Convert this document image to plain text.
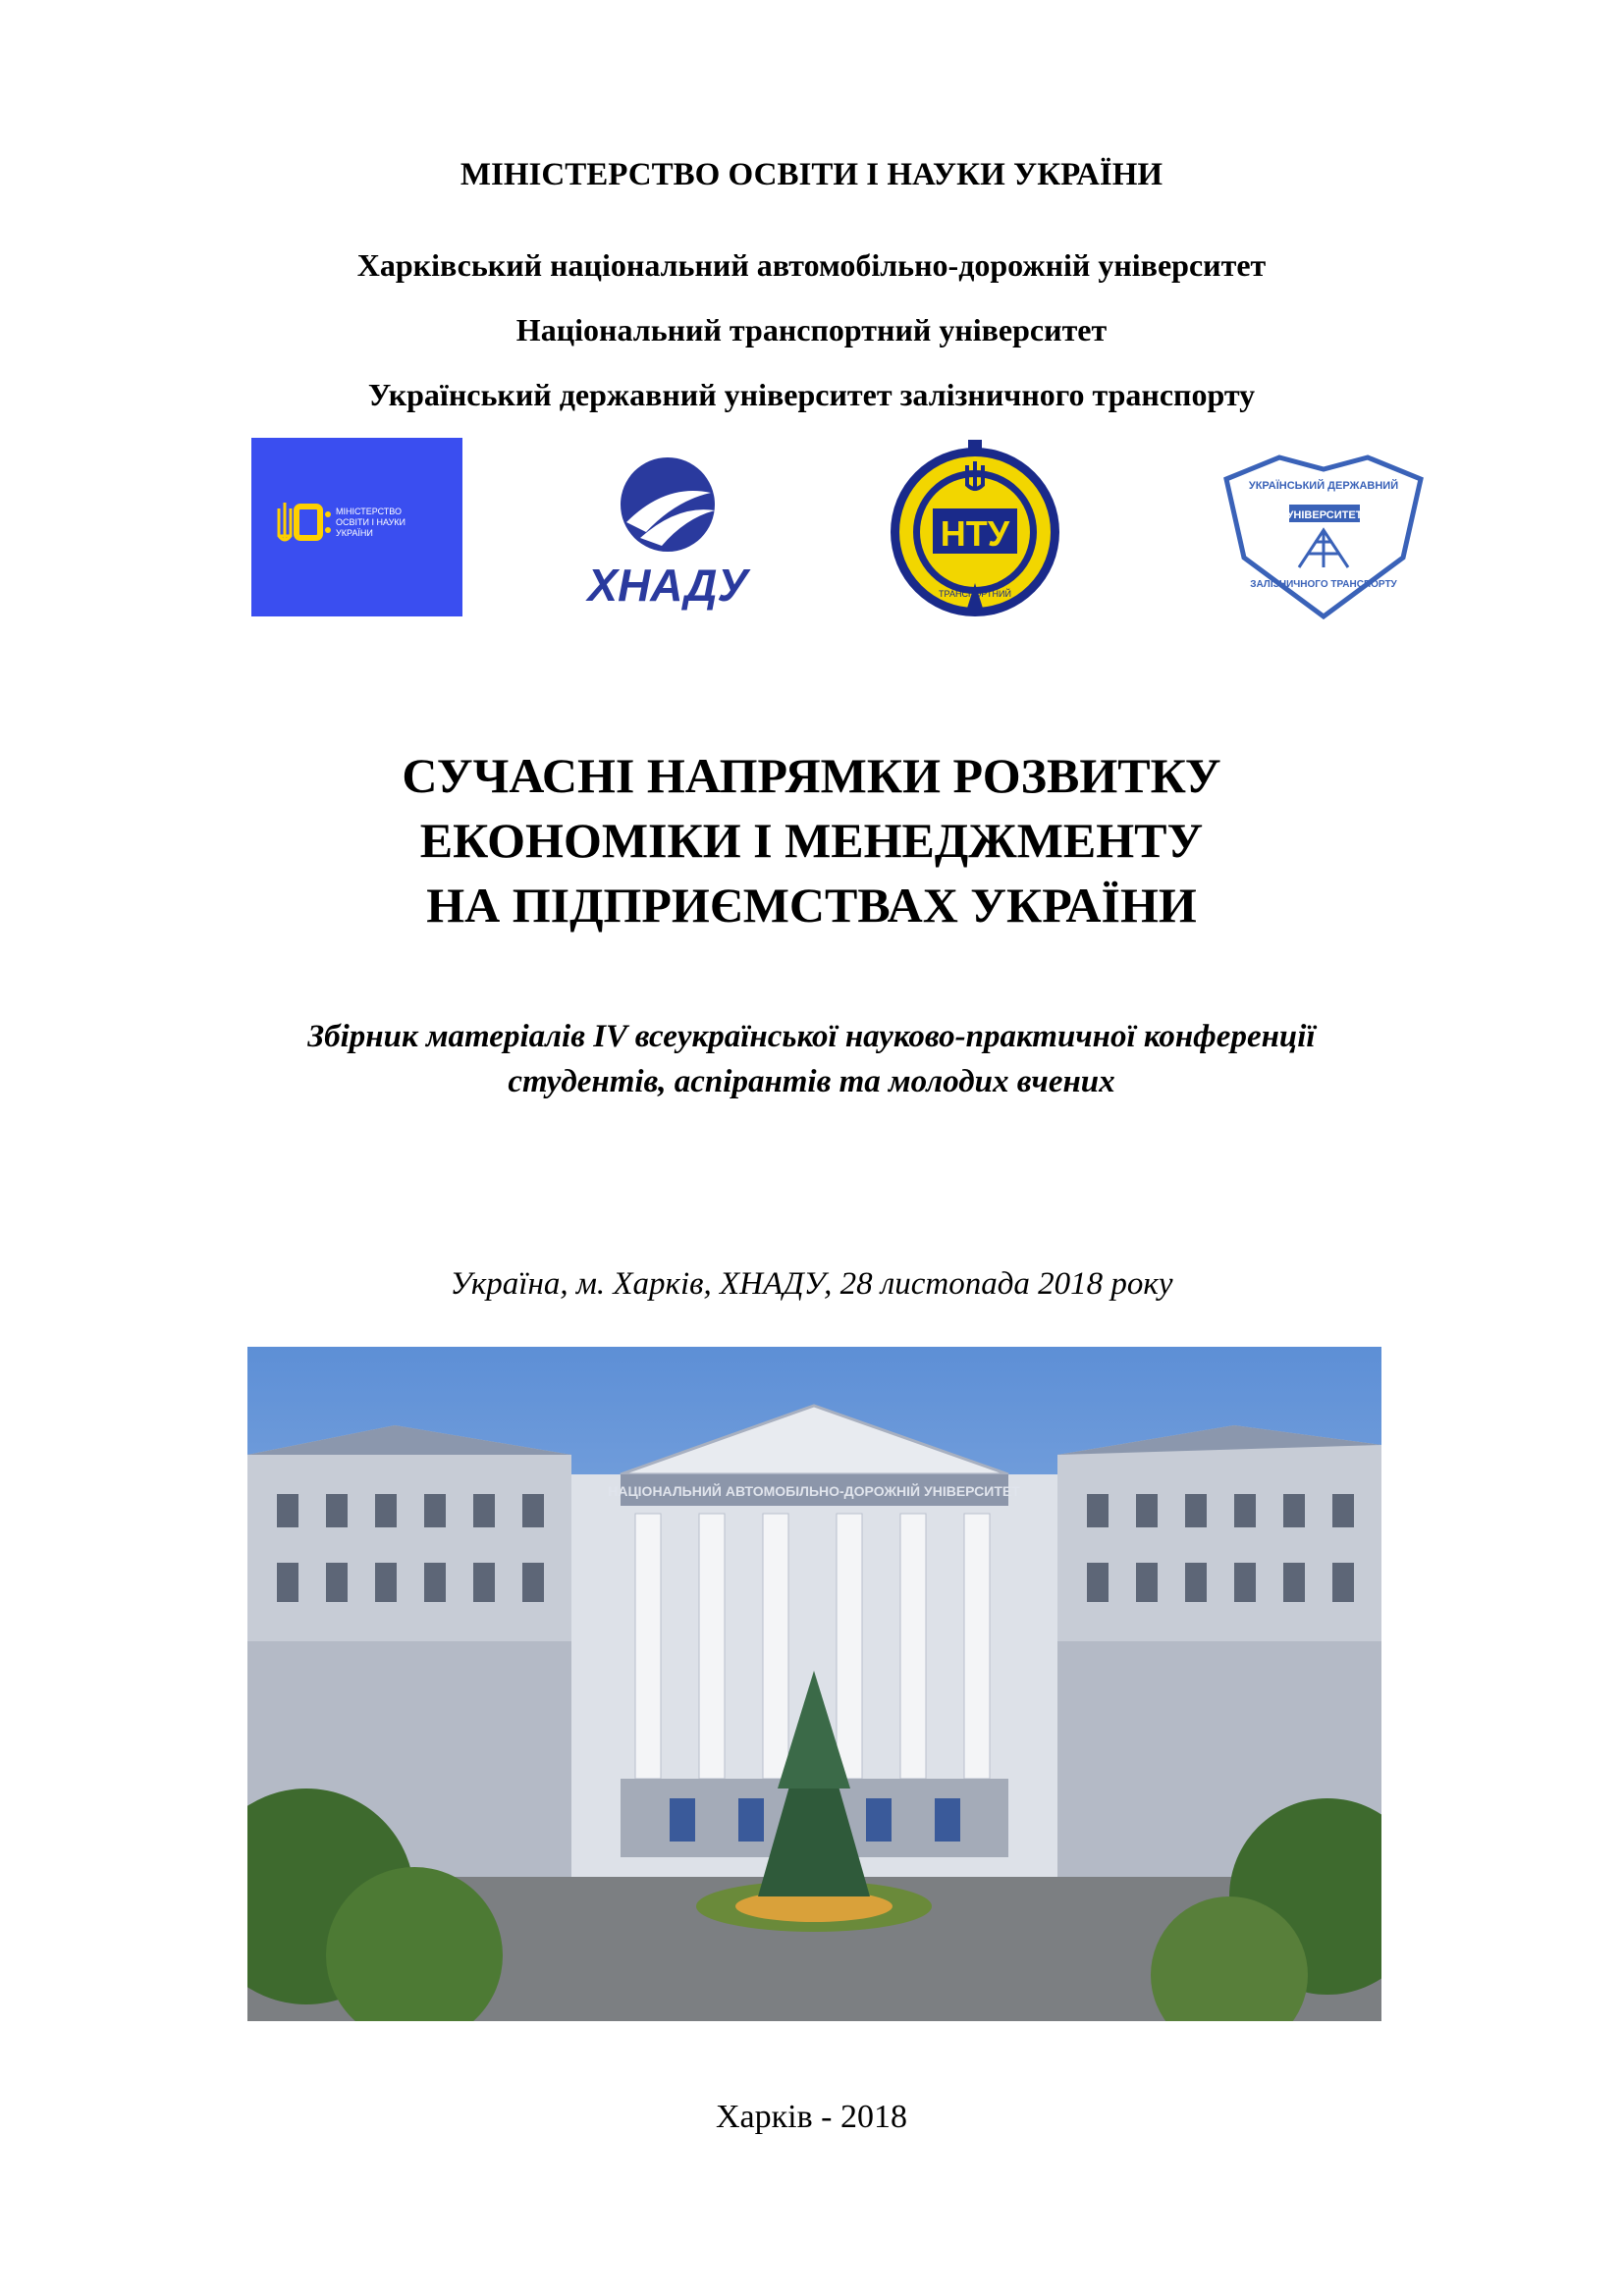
МІНІСТЕРСТВО ОСВІТИ І НАУКИ УКРАЇНИ
Харківський національний автомобільно-дорожній університет
Національний транспортний університет
Український державний університет залізничного транспорту
МІНІСТЕРСТВО
ОСВІТИ І НАУКИ
УКРАЇНИ
ХНАДУ
НТУ
ТРАНСПОРТНИЙ
УНІВЕРСИТЕТ
УКРАЇНСЬКИЙ ДЕРЖАВНИЙ
ЗАЛІЗНИЧНОГО ТРАНСПОРТУ
СУЧАСНІ НАПРЯМКИ РОЗВИТКУ
ЕКОНОМІКИ І МЕНЕДЖМЕНТУ
НА ПІДПРИЄМСТВАХ УКРАЇНИ
Збірник матеріалів IV всеукраїнської науково-практичної конференції
студентів, аспірантів та молодих вчених
Україна, м. Харків, ХНАДУ, 28 листопада 2018 року
НАЦІОНАЛЬНИЙ АВТОМОБІЛЬНО-ДОРОЖНІЙ УНІВЕРСИТЕТ
Харків - 2018
